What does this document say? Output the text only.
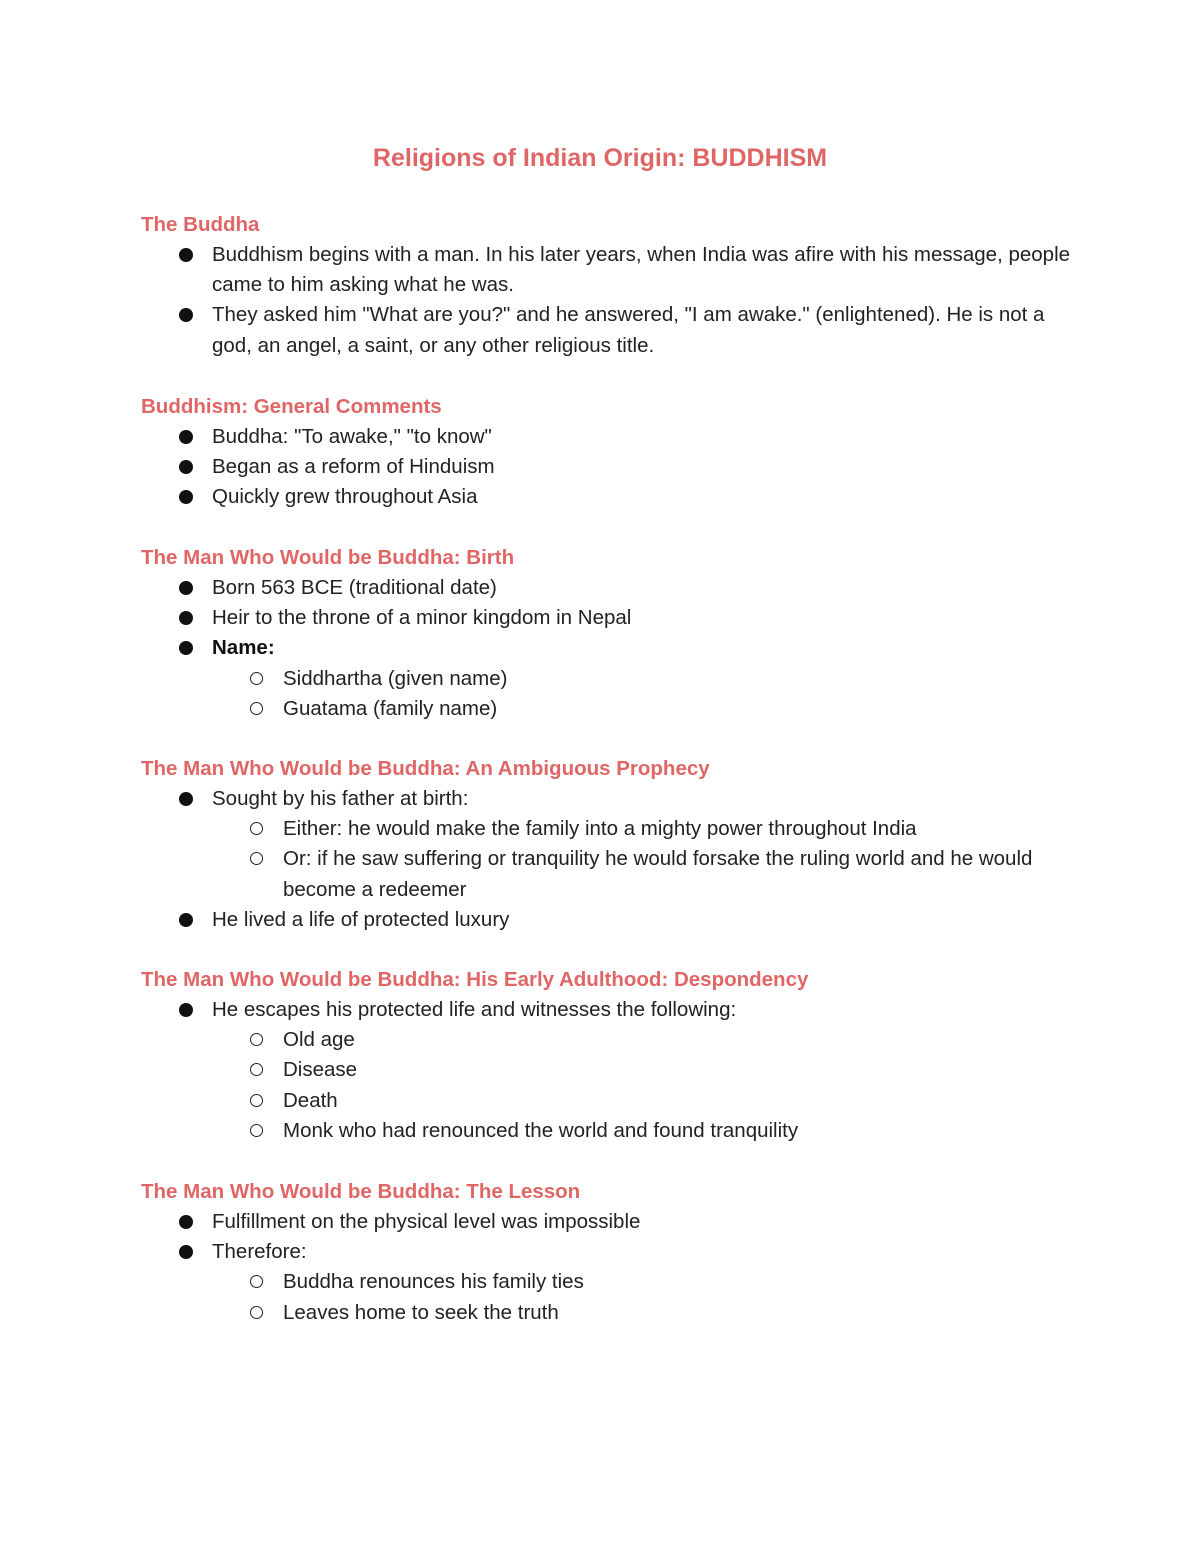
Religions of Indian Origin: BUDDHISM
The Buddha
Buddhism begins with a man. In his later years, when India was afire with his message, people came to him asking what he was.
They asked him "What are you?" and he answered, "I am awake." (enlightened). He is not a god, an angel, a saint, or any other religious title.
Buddhism: General Comments
Buddha: "To awake," "to know"
Began as a reform of Hinduism
Quickly grew throughout Asia
The Man Who Would be Buddha: Birth
Born 563 BCE (traditional date)
Heir to the throne of a minor kingdom in Nepal
Name:
Siddhartha (given name)
Guatama (family name)
The Man Who Would be Buddha: An Ambiguous Prophecy
Sought by his father at birth:
Either: he would make the family into a mighty power throughout India
Or: if he saw suffering or tranquility he would forsake the ruling world and he would become a redeemer
He lived a life of protected luxury
The Man Who Would be Buddha: His Early Adulthood: Despondency
He escapes his protected life and witnesses the following:
Old age
Disease
Death
Monk who had renounced the world and found tranquility
The Man Who Would be Buddha: The Lesson
Fulfillment on the physical level was impossible
Therefore:
Buddha renounces his family ties
Leaves home to seek the truth
